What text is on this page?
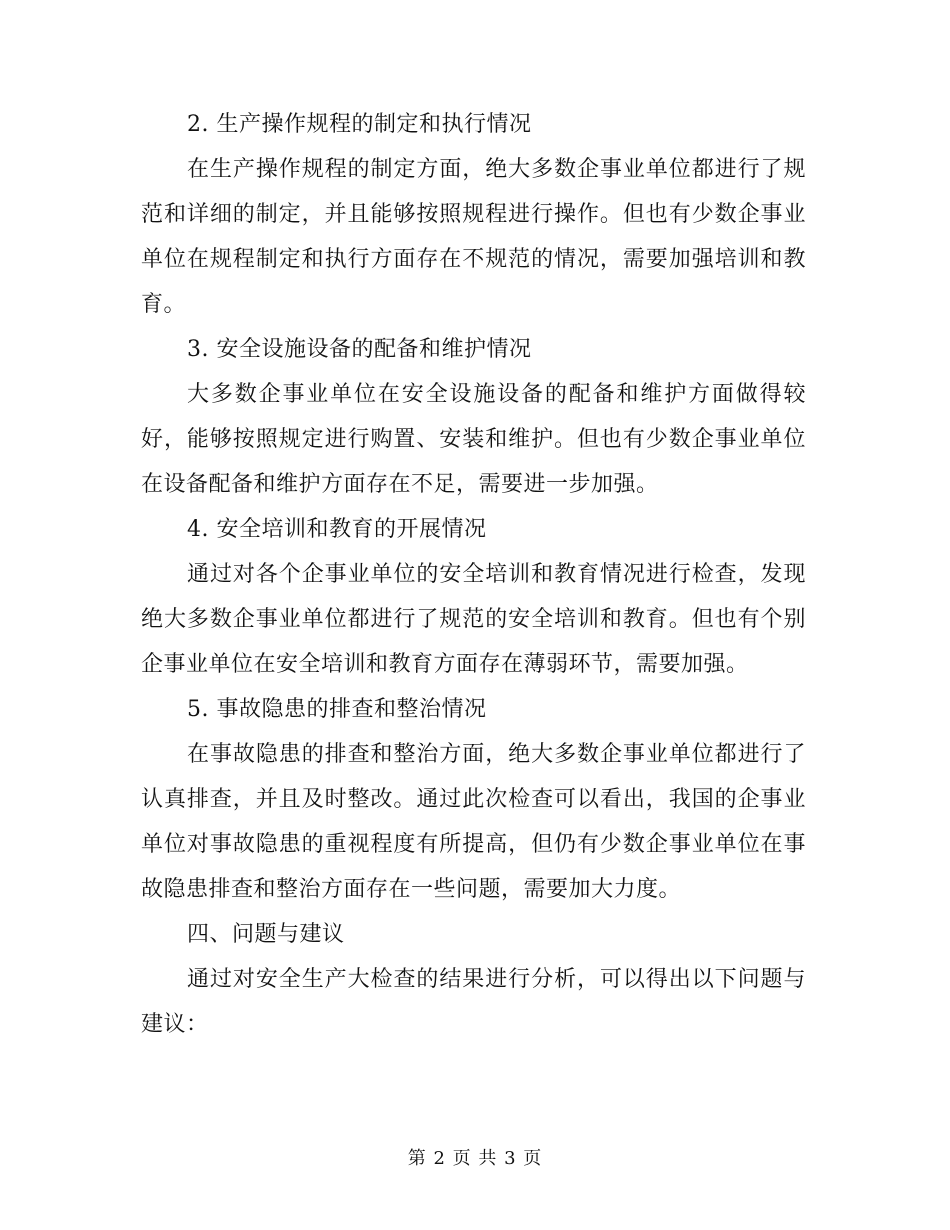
2. 生产操作规程的制定和执行情况

在生产操作规程的制定方面，绝大多数企事业单位都进行了规范和详细的制定，并且能够按照规程进行操作。但也有少数企事业单位在规程制定和执行方面存在不规范的情况，需要加强培训和教育。

3. 安全设施设备的配备和维护情况

大多数企事业单位在安全设施设备的配备和维护方面做得较好，能够按照规定进行购置、安装和维护。但也有少数企事业单位在设备配备和维护方面存在不足，需要进一步加强。

4. 安全培训和教育的开展情况

通过对各个企事业单位的安全培训和教育情况进行检查，发现绝大多数企事业单位都进行了规范的安全培训和教育。但也有个别企事业单位在安全培训和教育方面存在薄弱环节，需要加强。

5. 事故隐患的排查和整治情况

在事故隐患的排查和整治方面，绝大多数企事业单位都进行了认真排查，并且及时整改。通过此次检查可以看出，我国的企事业单位对事故隐患的重视程度有所提高，但仍有少数企事业单位在事故隐患排查和整治方面存在一些问题，需要加大力度。

四、问题与建议

通过对安全生产大检查的结果进行分析，可以得出以下问题与建议：

第 2 页 共 3 页
